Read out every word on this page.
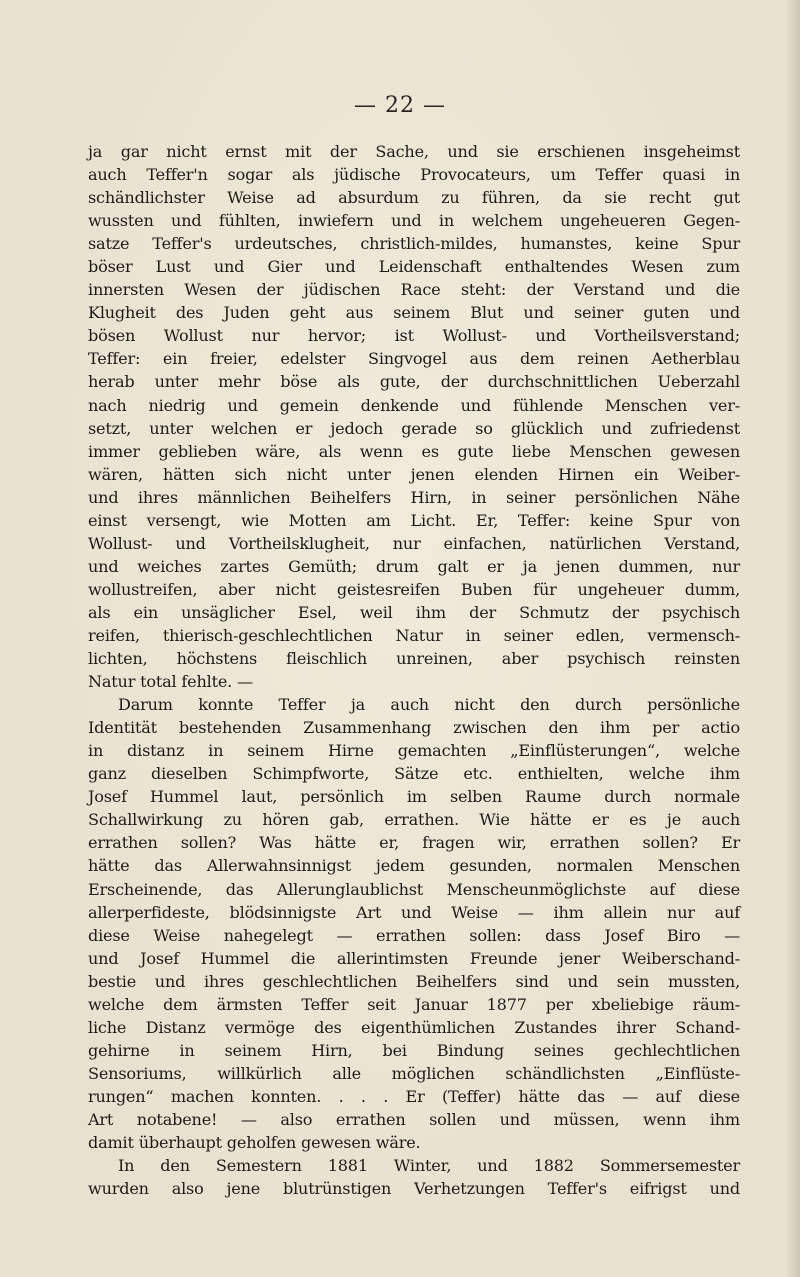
— 22 —
ja gar nicht ernst mit der Sache, und sie erschienen insgeheimst
auch Teffer'n sogar als jüdische Provocateurs, um Teffer quasi in
schändlichster Weise ad absurdum zu führen, da sie recht gut
wussten und fühlten, inwiefern und in welchem ungeheueren Gegen-
satze Teffer's urdeutsches, christlich-mildes, humanstes, keine Spur
böser Lust und Gier und Leidenschaft enthaltendes Wesen zum
innersten Wesen der jüdischen Race steht: der Verstand und die
Klugheit des Juden geht aus seinem Blut und seiner guten und
bösen Wollust nur hervor; ist Wollust- und Vortheilsverstand;
Teffer: ein freier, edelster Singvogel aus dem reinen Aetherblau
herab unter mehr böse als gute, der durchschnittlichen Ueberzahl
nach niedrig und gemein denkende und fühlende Menschen ver-
setzt, unter welchen er jedoch gerade so glücklich und zufriedenst
immer geblieben wäre, als wenn es gute liebe Menschen gewesen
wären, hätten sich nicht unter jenen elenden Hirnen ein Weiber-
und ihres männlichen Beihelfers Hirn, in seiner persönlichen Nähe
einst versengt, wie Motten am Licht. Er, Teffer: keine Spur von
Wollust- und Vortheilsklugheit, nur einfachen, natürlichen Verstand,
und weiches zartes Gemüth; drum galt er ja jenen dummen, nur
wollustreifen, aber nicht geistesreifen Buben für ungeheuer dumm,
als ein unsäglicher Esel, weil ihm der Schmutz der psychisch
reifen, thierisch-geschlechtlichen Natur in seiner edlen, vermensch-
lichten, höchstens fleischlich unreinen, aber psychisch reinsten
Natur total fehlte. —
Darum konnte Teffer ja auch nicht den durch persönliche
Identität bestehenden Zusammenhang zwischen den ihm per actio
in distanz in seinem Hirne gemachten „Einflüsterungen“, welche
ganz dieselben Schimpfworte, Sätze etc. enthielten, welche ihm
Josef Hummel laut, persönlich im selben Raume durch normale
Schallwirkung zu hören gab, errathen. Wie hätte er es je auch
errathen sollen? Was hätte er, fragen wir, errathen sollen? Er
hätte das Allerwahnsinnigst jedem gesunden, normalen Menschen
Erscheinende, das Allerunglaublichst Menscheunmöglichste auf diese
allerperfideste, blödsinnigste Art und Weise — ihm allein nur auf
diese Weise nahegelegt — errathen sollen: dass Josef Biro —
und Josef Hummel die allerintimsten Freunde jener Weiberschand-
bestie und ihres geschlechtlichen Beihelfers sind und sein mussten,
welche dem ärmsten Teffer seit Januar 1877 per xbeliebige räum-
liche Distanz vermöge des eigenthümlichen Zustandes ihrer Schand-
gehirne in seinem Hirn, bei Bindung seines gechlechtlichen
Sensoriums, willkürlich alle möglichen schändlichsten „Einflüste-
rungen“ machen konnten. . . . Er (Teffer) hätte das — auf diese
Art notabene! — also errathen sollen und müssen, wenn ihm
damit überhaupt geholfen gewesen wäre.
In den Semestern 1881 Winter, und 1882 Sommersemester
wurden also jene blutrünstigen Verhetzungen Teffer's eifrigst und
